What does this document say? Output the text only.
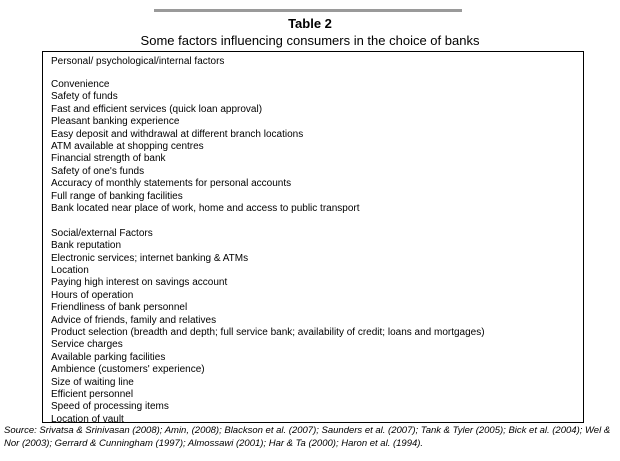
Table 2
Some factors influencing consumers in the choice of banks
Personal/ psychological/internal factors
Convenience
Safety of funds
Fast and efficient services (quick loan approval)
Pleasant banking experience
Easy deposit and withdrawal at different branch locations
ATM available at shopping centres
Financial strength of bank
Safety of one's funds
Accuracy of monthly statements for personal accounts
Full range of banking facilities
Bank located near place of work, home and access to public transport
Social/external Factors
Bank reputation
Electronic services; internet banking & ATMs
Location
Paying high interest on savings account
Hours of operation
Friendliness of bank personnel
Advice of friends, family and relatives
Product selection (breadth and depth; full service bank; availability of credit; loans and mortgages)
Service charges
Available parking facilities
Ambience (customers' experience)
Size of waiting line
Efficient personnel
Speed of processing items
Location of vault
Source: Srivatsa & Srinivasan (2008); Amin, (2008); Blackson et al. (2007); Saunders et al. (2007); Tank & Tyler (2005); Bick et al. (2004); Wel & Nor (2003); Gerrard & Cunningham (1997); Almossawi (2001); Har & Ta (2000); Haron et al. (1994).
